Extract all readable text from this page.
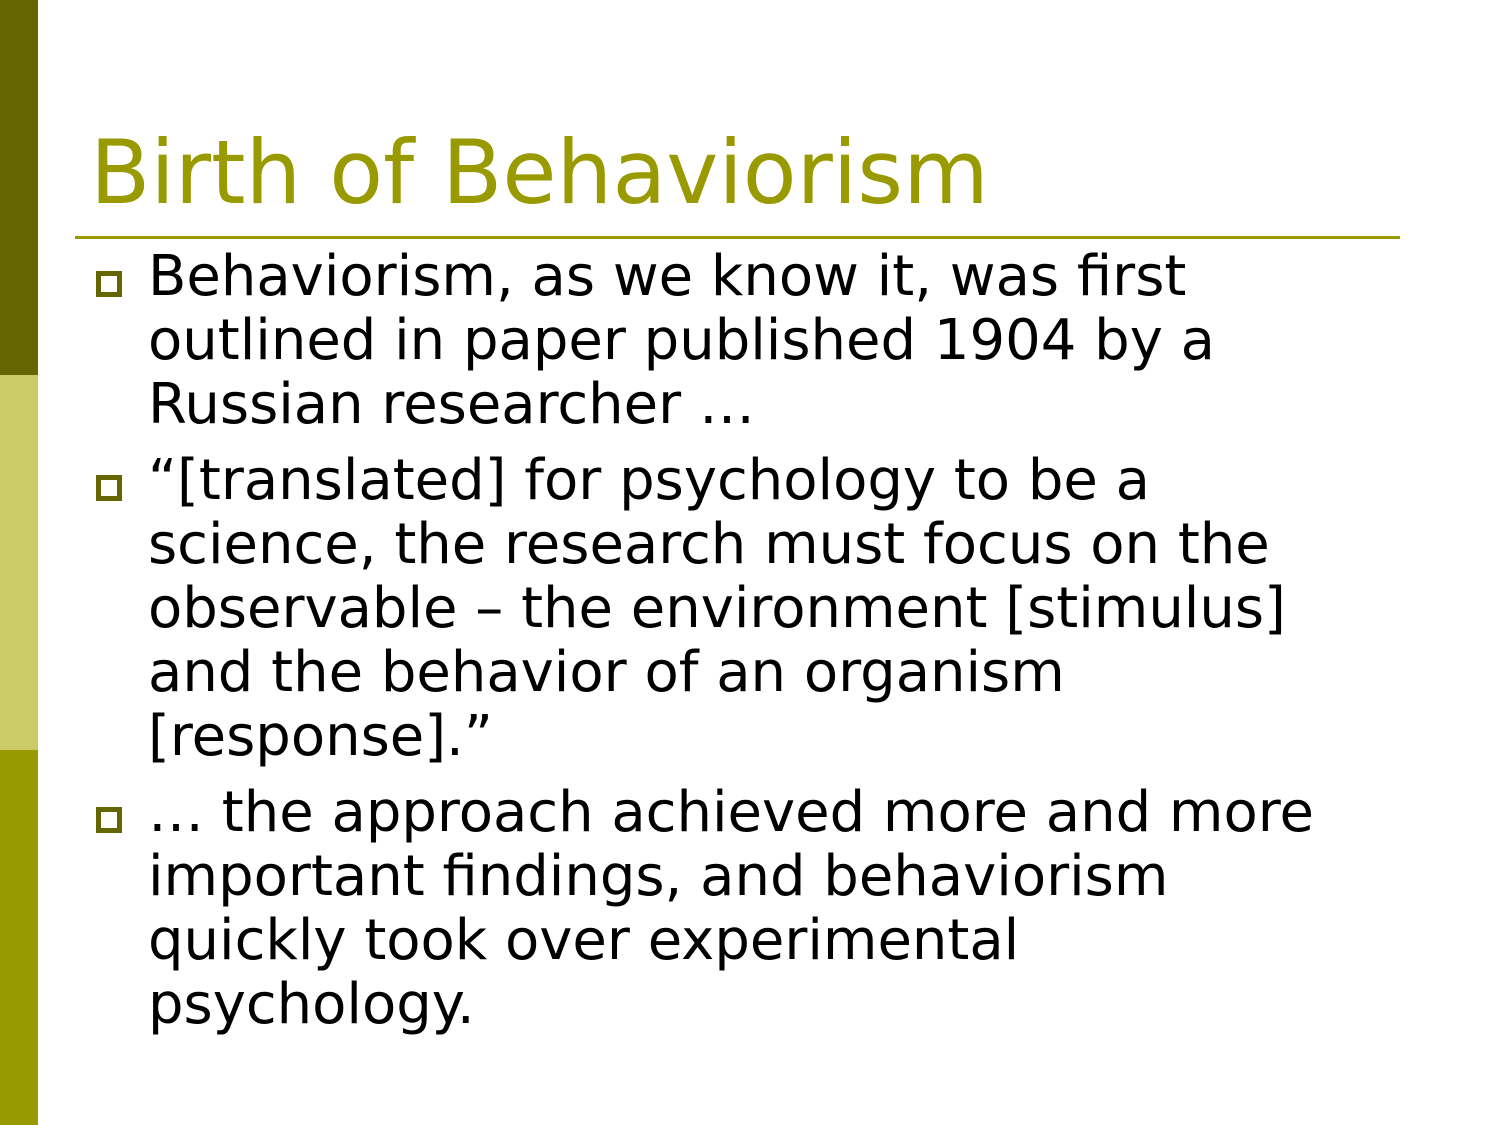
Birth of Behaviorism
Behaviorism, as we know it, was first
outlined in paper published 1904 by a
Russian researcher …
“[translated] for psychology to be a
science, the research must focus on the
observable – the environment [stimulus]
and the behavior of an organism
[response].”
… the approach achieved more and more
important findings, and behaviorism
quickly took over experimental
psychology.
